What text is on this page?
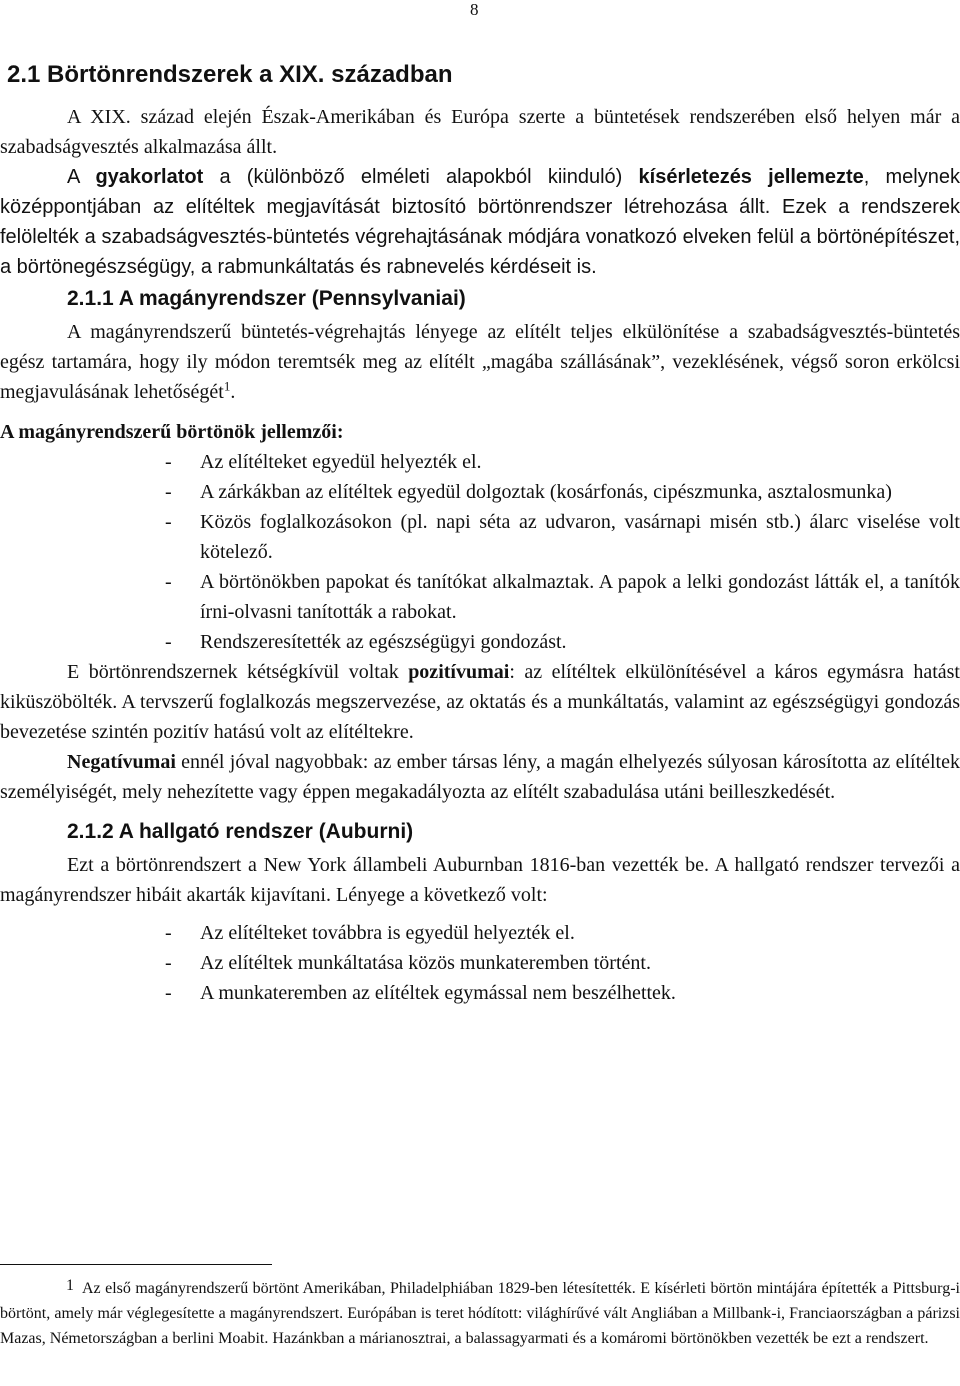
8
2.1 Börtönrendszerek a XIX. században

A XIX. század elején Észak-Amerikában és Európa szerte a büntetések rendszerében első helyen már a szabadságvesztés alkalmazása állt.

A gyakorlatot a (különböző elméleti alapokból kiinduló) kísérletezés jellemezte, melynek középpontjában az elítéltek megjavítását biztosító börtönrendszer létrehozása állt. Ezek a rendszerek felölelték a szabadságvesztés-büntetés végrehajtásának módjára vonatkozó elveken felül a börtönépítészet, a börtönegészségügy, a rabmunkáltatás és rabnevelés kérdéseit is.

2.1.1 A magányrendszer (Pennsylvaniai)

A magányrendszerű büntetés-végrehajtás lényege az elítélt teljes elkülönítése a szabadságvesztés-büntetés egész tartamára, hogy ily módon teremtsék meg az elítélt „magába szállásának”, vezeklésének, végső soron erkölcsi megjavulásának lehetőségét$^1$.

A magányrendszerű börtönök jellemzői:
- Az elítélteket egyedül helyezték el.
- A zárkákban az elítéltek egyedül dolgoztak (kosárfonás, cipészmunka, asztalosmunka)
- Közös foglalkozásokon (pl. napi séta az udvaron, vasárnapi misén stb.) álarc viselése volt kötelező.
- A börtönökben papokat és tanítókat alkalmaztak. A papok a lelki gondozást látták el, a tanítók írni-olvasni tanították a rabokat.
- Rendszeresítették az egészségügyi gondozást.

E börtönrendszernek kétségkívül voltak pozitívumai: az elítéltek elkülönítésével a káros egymásra hatást kiküszöbölték. A tervszerű foglalkozás megszervezése, az oktatás és a munkáltatás, valamint az egészségügyi gondozás bevezetése szintén pozitív hatású volt az elítéltekre.

Negatívumai ennél jóval nagyobbak: az ember társas lény, a magán elhelyezés súlyosan károsította az elítéltek személyiségét, mely nehezítette vagy éppen megakadályozta az elítélt szabadulása utáni beilleszkedését.

2.1.2 A hallgató rendszer (Auburni)

Ezt a börtönrendszert a New York állambeli Auburnban 1816-ban vezették be. A hallgató rendszer tervezői a magányrendszer hibáit akarták kijavítani. Lényege a következő volt:

- Az elítélteket továbbra is egyedül helyezték el.
- Az elítéltek munkáltatása közös munkateremben történt.
- A munkateremben az elítéltek egymással nem beszélhettek.
1 Az első magányrendszerű börtönt Amerikában, Philadelphiában 1829-ben létesítették. E kísérleti börtön mintájára építették a Pittsburg-i börtönt, amely már véglegesítette a magányrendszert. Európában is teret hódított: világhírűvé vált Angliában a Millbank-i, Franciaországban a párizsi Mazas, Németországban a berlini Moabit. Hazánkban a márianosztrai, a balassagyarmati és a komáromi börtönökben vezették be ezt a rendszert.
